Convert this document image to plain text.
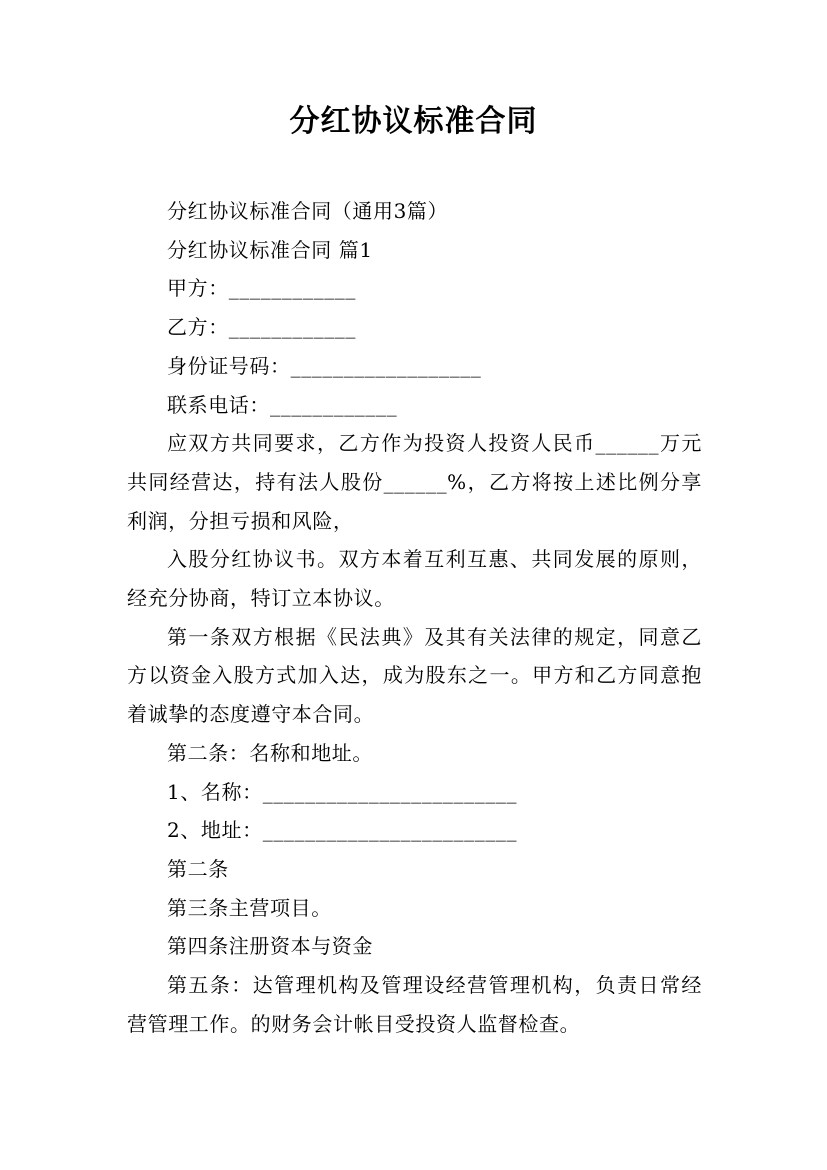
分红协议标准合同

分红协议标准合同（通用3篇）

分红协议标准合同 篇1

甲方：____________

乙方：____________

身份证号码：__________________

联系电话：____________

应双方共同要求，乙方作为投资人投资人民币______万元共同经营达，持有法人股份______%，乙方将按上述比例分享利润，分担亏损和风险，

入股分红协议书。双方本着互利互惠、共同发展的原则，经充分协商，特订立本协议。

第一条双方根据《民法典》及其有关法律的规定，同意乙方以资金入股方式加入达，成为股东之一。甲方和乙方同意抱着诚挚的态度遵守本合同。

第二条：名称和地址。

1、名称：________________________

2、地址：________________________

第二条

第三条主营项目。

第四条注册资本与资金

第五条：达管理机构及管理设经营管理机构，负责日常经营管理工作。的财务会计帐目受投资人监督检查。
